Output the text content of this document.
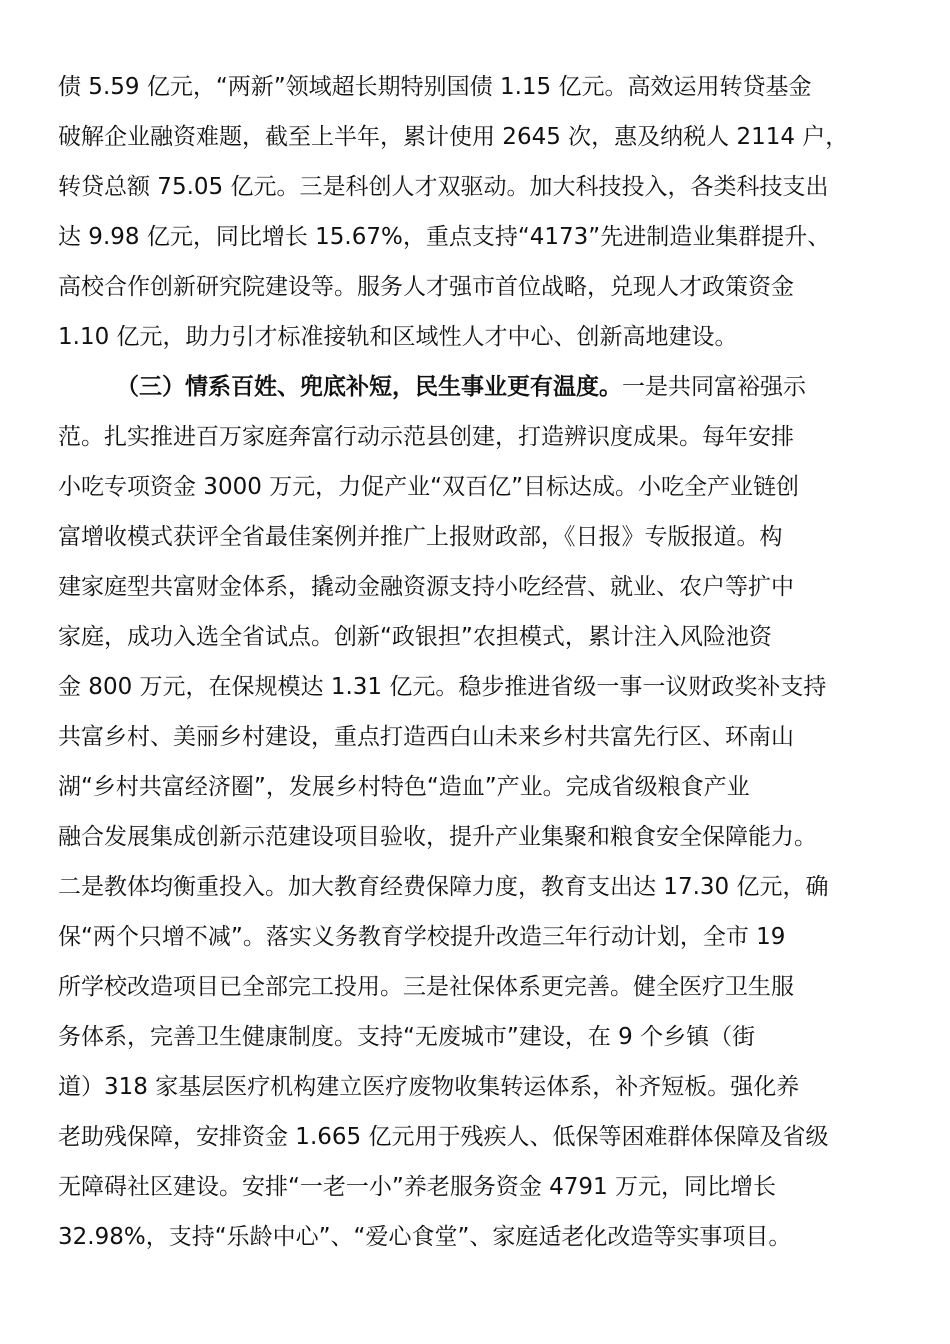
债 5.59 亿元，“两新”领域超长期特别国债 1.15 亿元。高效运用转贷基金
破解企业融资难题，截至上半年，累计使用 2645 次，惠及纳税人 2114 户，
转贷总额 75.05 亿元。三是科创人才双驱动。加大科技投入，各类科技支出
达 9.98 亿元，同比增长 15.67%，重点支持“4173”先进制造业集群提升、
高校合作创新研究院建设等。服务人才强市首位战略，兑现人才政策资金
1.10 亿元，助力引才标准接轨和区域性人才中心、创新高地建设。
（三）情系百姓、兜底补短，民生事业更有温度。一是共同富裕强示
范。扎实推进百万家庭奔富行动示范县创建，打造辨识度成果。每年安排
小吃专项资金 3000 万元，力促产业“双百亿”目标达成。小吃全产业链创
富增收模式获评全省最佳案例并推广上报财政部，《日报》专版报道。构
建家庭型共富财金体系，撬动金融资源支持小吃经营、就业、农户等扩中
家庭，成功入选全省试点。创新“政银担”农担模式，累计注入风险池资
金 800 万元，在保规模达 1.31 亿元。稳步推进省级一事一议财政奖补支持
共富乡村、美丽乡村建设，重点打造西白山未来乡村共富先行区、环南山
湖“乡村共富经济圈”，发展乡村特色“造血”产业。完成省级粮食产业
融合发展集成创新示范建设项目验收，提升产业集聚和粮食安全保障能力。
二是教体均衡重投入。加大教育经费保障力度，教育支出达 17.30 亿元，确
保“两个只增不减”。落实义务教育学校提升改造三年行动计划，全市 19
所学校改造项目已全部完工投用。三是社保体系更完善。健全医疗卫生服
务体系，完善卫生健康制度。支持“无废城市”建设，在 9 个乡镇（街
道）318 家基层医疗机构建立医疗废物收集转运体系，补齐短板。强化养
老助残保障，安排资金 1.665 亿元用于残疾人、低保等困难群体保障及省级
无障碍社区建设。安排“一老一小”养老服务资金 4791 万元，同比增长
32.98%，支持“乐龄中心”、“爱心食堂”、家庭适老化改造等实事项目。
